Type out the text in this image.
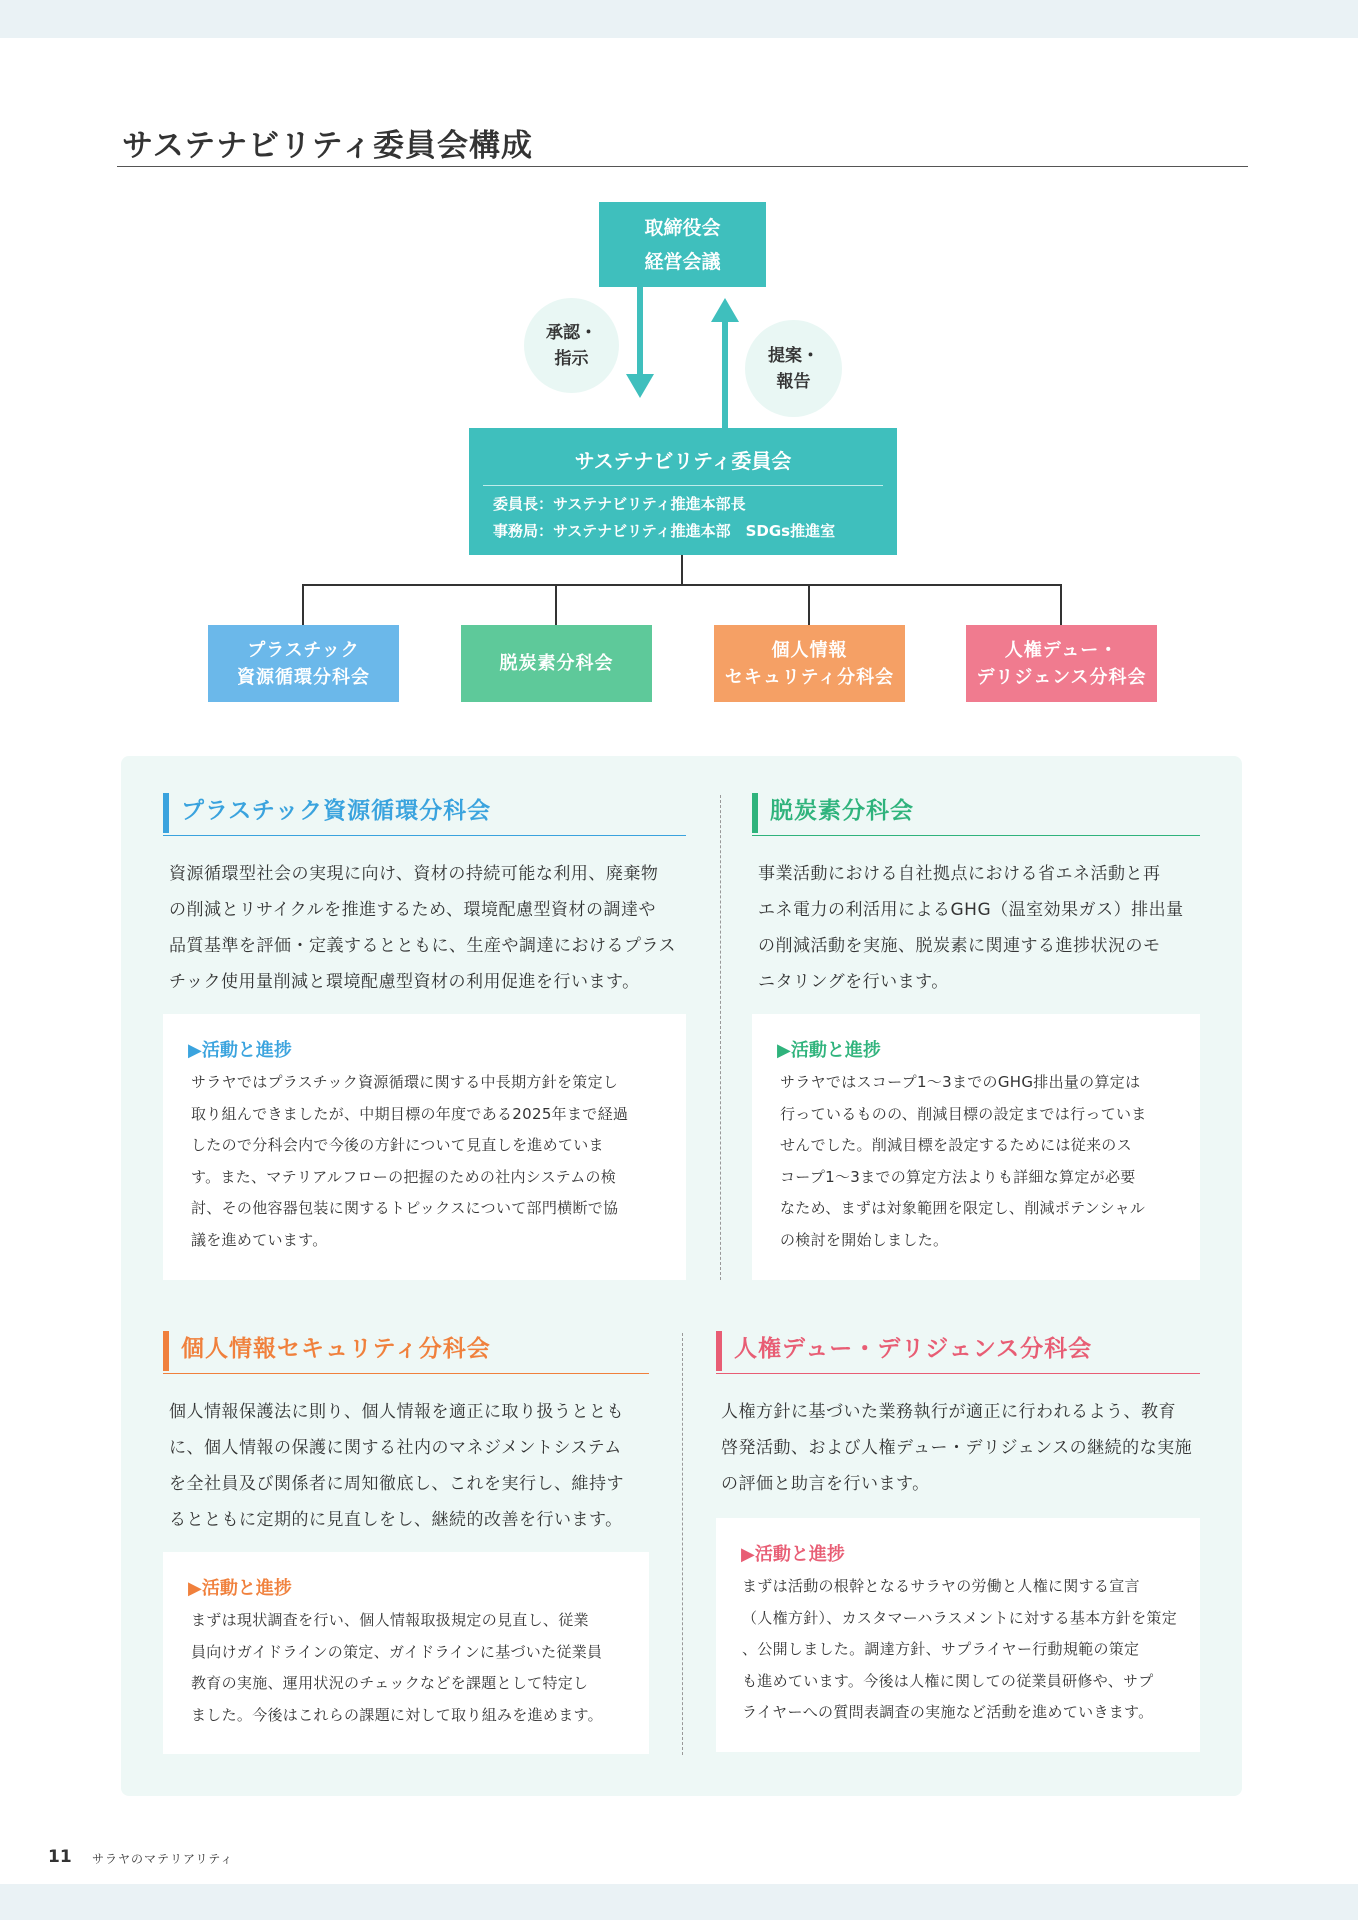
サステナビリティ委員会構成
取締役会
経営会議
承認・
指示	提案・
報告
サステナビリティ委員会
委員長：サステナビリティ推進本部長
事務局：サステナビリティ推進本部　SDGs推進室
プラスチック
資源循環分科会
脱炭素分科会
個人情報
セキュリティ分科会
人権デュー・
デリジェンス分科会
プラスチック資源循環分科会
資源循環型社会の実現に向け、資材の持続可能な利用、廃棄物
の削減とリサイクルを推進するため、環境配慮型資材の調達や
品質基準を評価・定義するとともに、生産や調達におけるプラス
チック使用量削減と環境配慮型資材の利用促進を行います。
▶活動と進捗
サラヤではプラスチック資源循環に関する中長期方針を策定し
取り組んできましたが、中期目標の年度である2025年まで経過
したので分科会内で今後の方針について見直しを進めていま
す。また、マテリアルフローの把握のための社内システムの検
討、その他容器包装に関するトピックスについて部門横断で協
議を進めています。
脱炭素分科会
事業活動における自社拠点における省エネ活動と再
エネ電力の利活用によるGHG（温室効果ガス）排出量
の削減活動を実施、脱炭素に関連する進捗状況のモ
ニタリングを行います。
▶活動と進捗
サラヤではスコープ1～3までのGHG排出量の算定は
行っているものの、削減目標の設定までは行っていま
せんでした。削減目標を設定するためには従来のス
コープ1～3までの算定方法よりも詳細な算定が必要
なため、まずは対象範囲を限定し、削減ポテンシャル
の検討を開始しました。
個人情報セキュリティ分科会
個人情報保護法に則り、個人情報を適正に取り扱うととも
に、個人情報の保護に関する社内のマネジメントシステム
を全社員及び関係者に周知徹底し、これを実行し、維持す
るとともに定期的に見直しをし、継続的改善を行います。
▶活動と進捗
まずは現状調査を行い、個人情報取扱規定の見直し、従業
員向けガイドラインの策定、ガイドラインに基づいた従業員
教育の実施、運用状況のチェックなどを課題として特定し
ました。今後はこれらの課題に対して取り組みを進めます。
人権デュー・デリジェンス分科会
人権方針に基づいた業務執行が適正に行われるよう、教育
啓発活動、および人権デュー・デリジェンスの継続的な実施
の評価と助言を行います。
▶活動と進捗
まずは活動の根幹となるサラヤの労働と人権に関する宣言
（人権方針）、カスタマーハラスメントに対する基本方針を策定
、公開しました。調達方針、サプライヤー行動規範の策定
も進めています。今後は人権に関しての従業員研修や、サプ
ライヤーへの質問表調査の実施など活動を進めていきます。
11 サラヤのマテリアリティ
